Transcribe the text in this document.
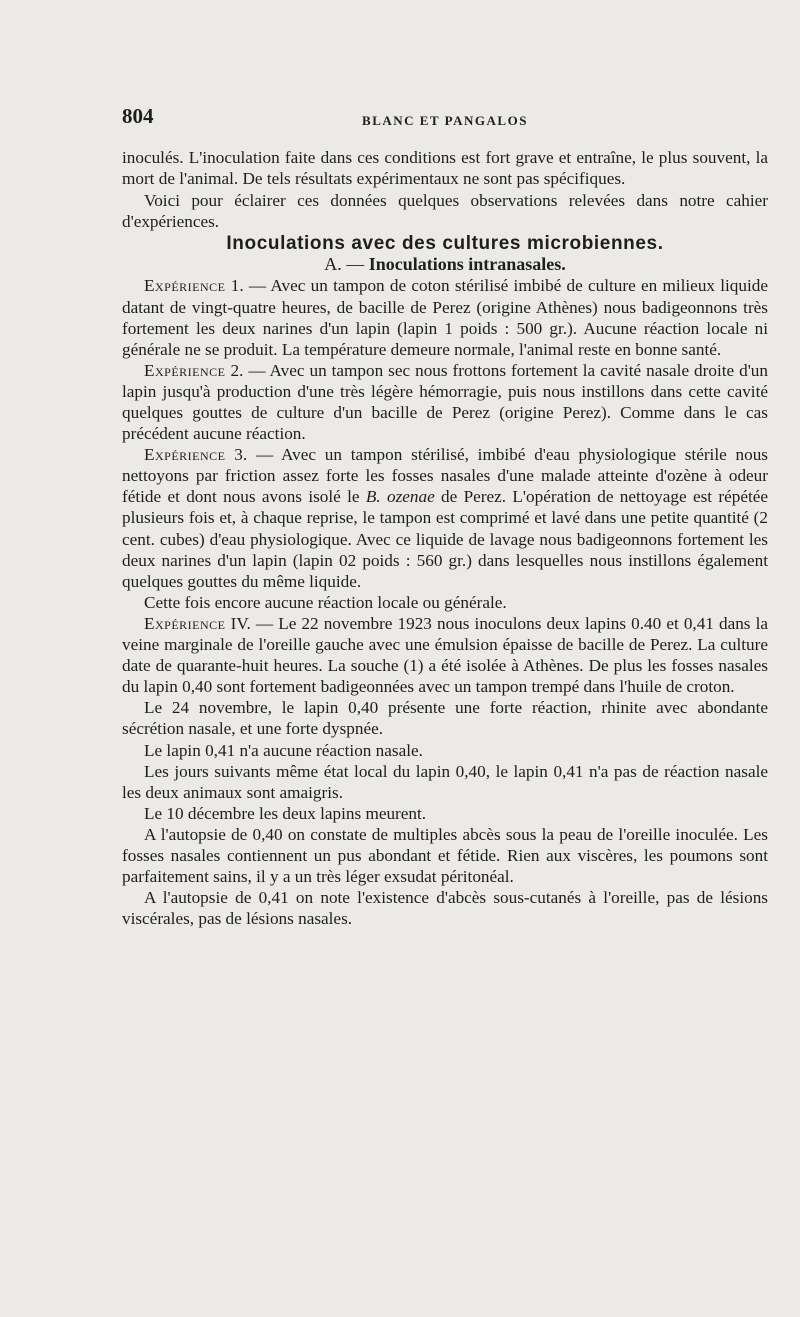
804	BLANC ET PANGALOS

inoculés. L'inoculation faite dans ces conditions est fort grave et entraîne, le plus souvent, la mort de l'animal. De tels résultats expérimentaux ne sont pas spécifiques.

Voici pour éclairer ces données quelques observations relevées dans notre cahier d'expériences.

Inoculations avec des cultures microbiennes.

A. — Inoculations intranasales.

Expérience 1. — Avec un tampon de coton stérilisé imbibé de culture en milieux liquide datant de vingt-quatre heures, de bacille de Perez (origine Athènes) nous badigeonnons très fortement les deux narines d'un lapin (lapin 1 poids : 500 gr.). Aucune réaction locale ni générale ne se produit. La température demeure normale, l'animal reste en bonne santé.

Expérience 2. — Avec un tampon sec nous frottons fortement la cavité nasale droite d'un lapin jusqu'à production d'une très légère hémorragie, puis nous instillons dans cette cavité quelques gouttes de culture d'un bacille de Perez (origine Perez). Comme dans le cas précédent aucune réaction.

Expérience 3. — Avec un tampon stérilisé, imbibé d'eau physiologique stérile nous nettoyons par friction assez forte les fosses nasales d'une malade atteinte d'ozène à odeur fétide et dont nous avons isolé le B. ozenae de Perez. L'opération de nettoyage est répétée plusieurs fois et, à chaque reprise, le tampon est comprimé et lavé dans une petite quantité (2 cent. cubes) d'eau physiologique. Avec ce liquide de lavage nous badigeonnons fortement les deux narines d'un lapin (lapin 02 poids : 560 gr.) dans lesquelles nous instillons également quelques gouttes du même liquide.

Cette fois encore aucune réaction locale ou générale.

Expérience IV. — Le 22 novembre 1923 nous inoculons deux lapins 0.40 et 0,41 dans la veine marginale de l'oreille gauche avec une émulsion épaisse de bacille de Perez. La culture date de quarante-huit heures. La souche (1) a été isolée à Athènes. De plus les fosses nasales du lapin 0,40 sont fortement badigeonnées avec un tampon trempé dans l'huile de croton.

Le 24 novembre, le lapin 0,40 présente une forte réaction, rhinite avec abondante sécrétion nasale, et une forte dyspnée.

Le lapin 0,41 n'a aucune réaction nasale.

Les jours suivants même état local du lapin 0,40, le lapin 0,41 n'a pas de réaction nasale les deux animaux sont amaigris.

Le 10 décembre les deux lapins meurent.

A l'autopsie de 0,40 on constate de multiples abcès sous la peau de l'oreille inoculée. Les fosses nasales contiennent un pus abondant et fétide. Rien aux viscères, les poumons sont parfaitement sains, il y a un très léger exsudat péritonéal.

A l'autopsie de 0,41 on note l'existence d'abcès sous-cutanés à l'oreille, pas de lésions viscérales, pas de lésions nasales.
